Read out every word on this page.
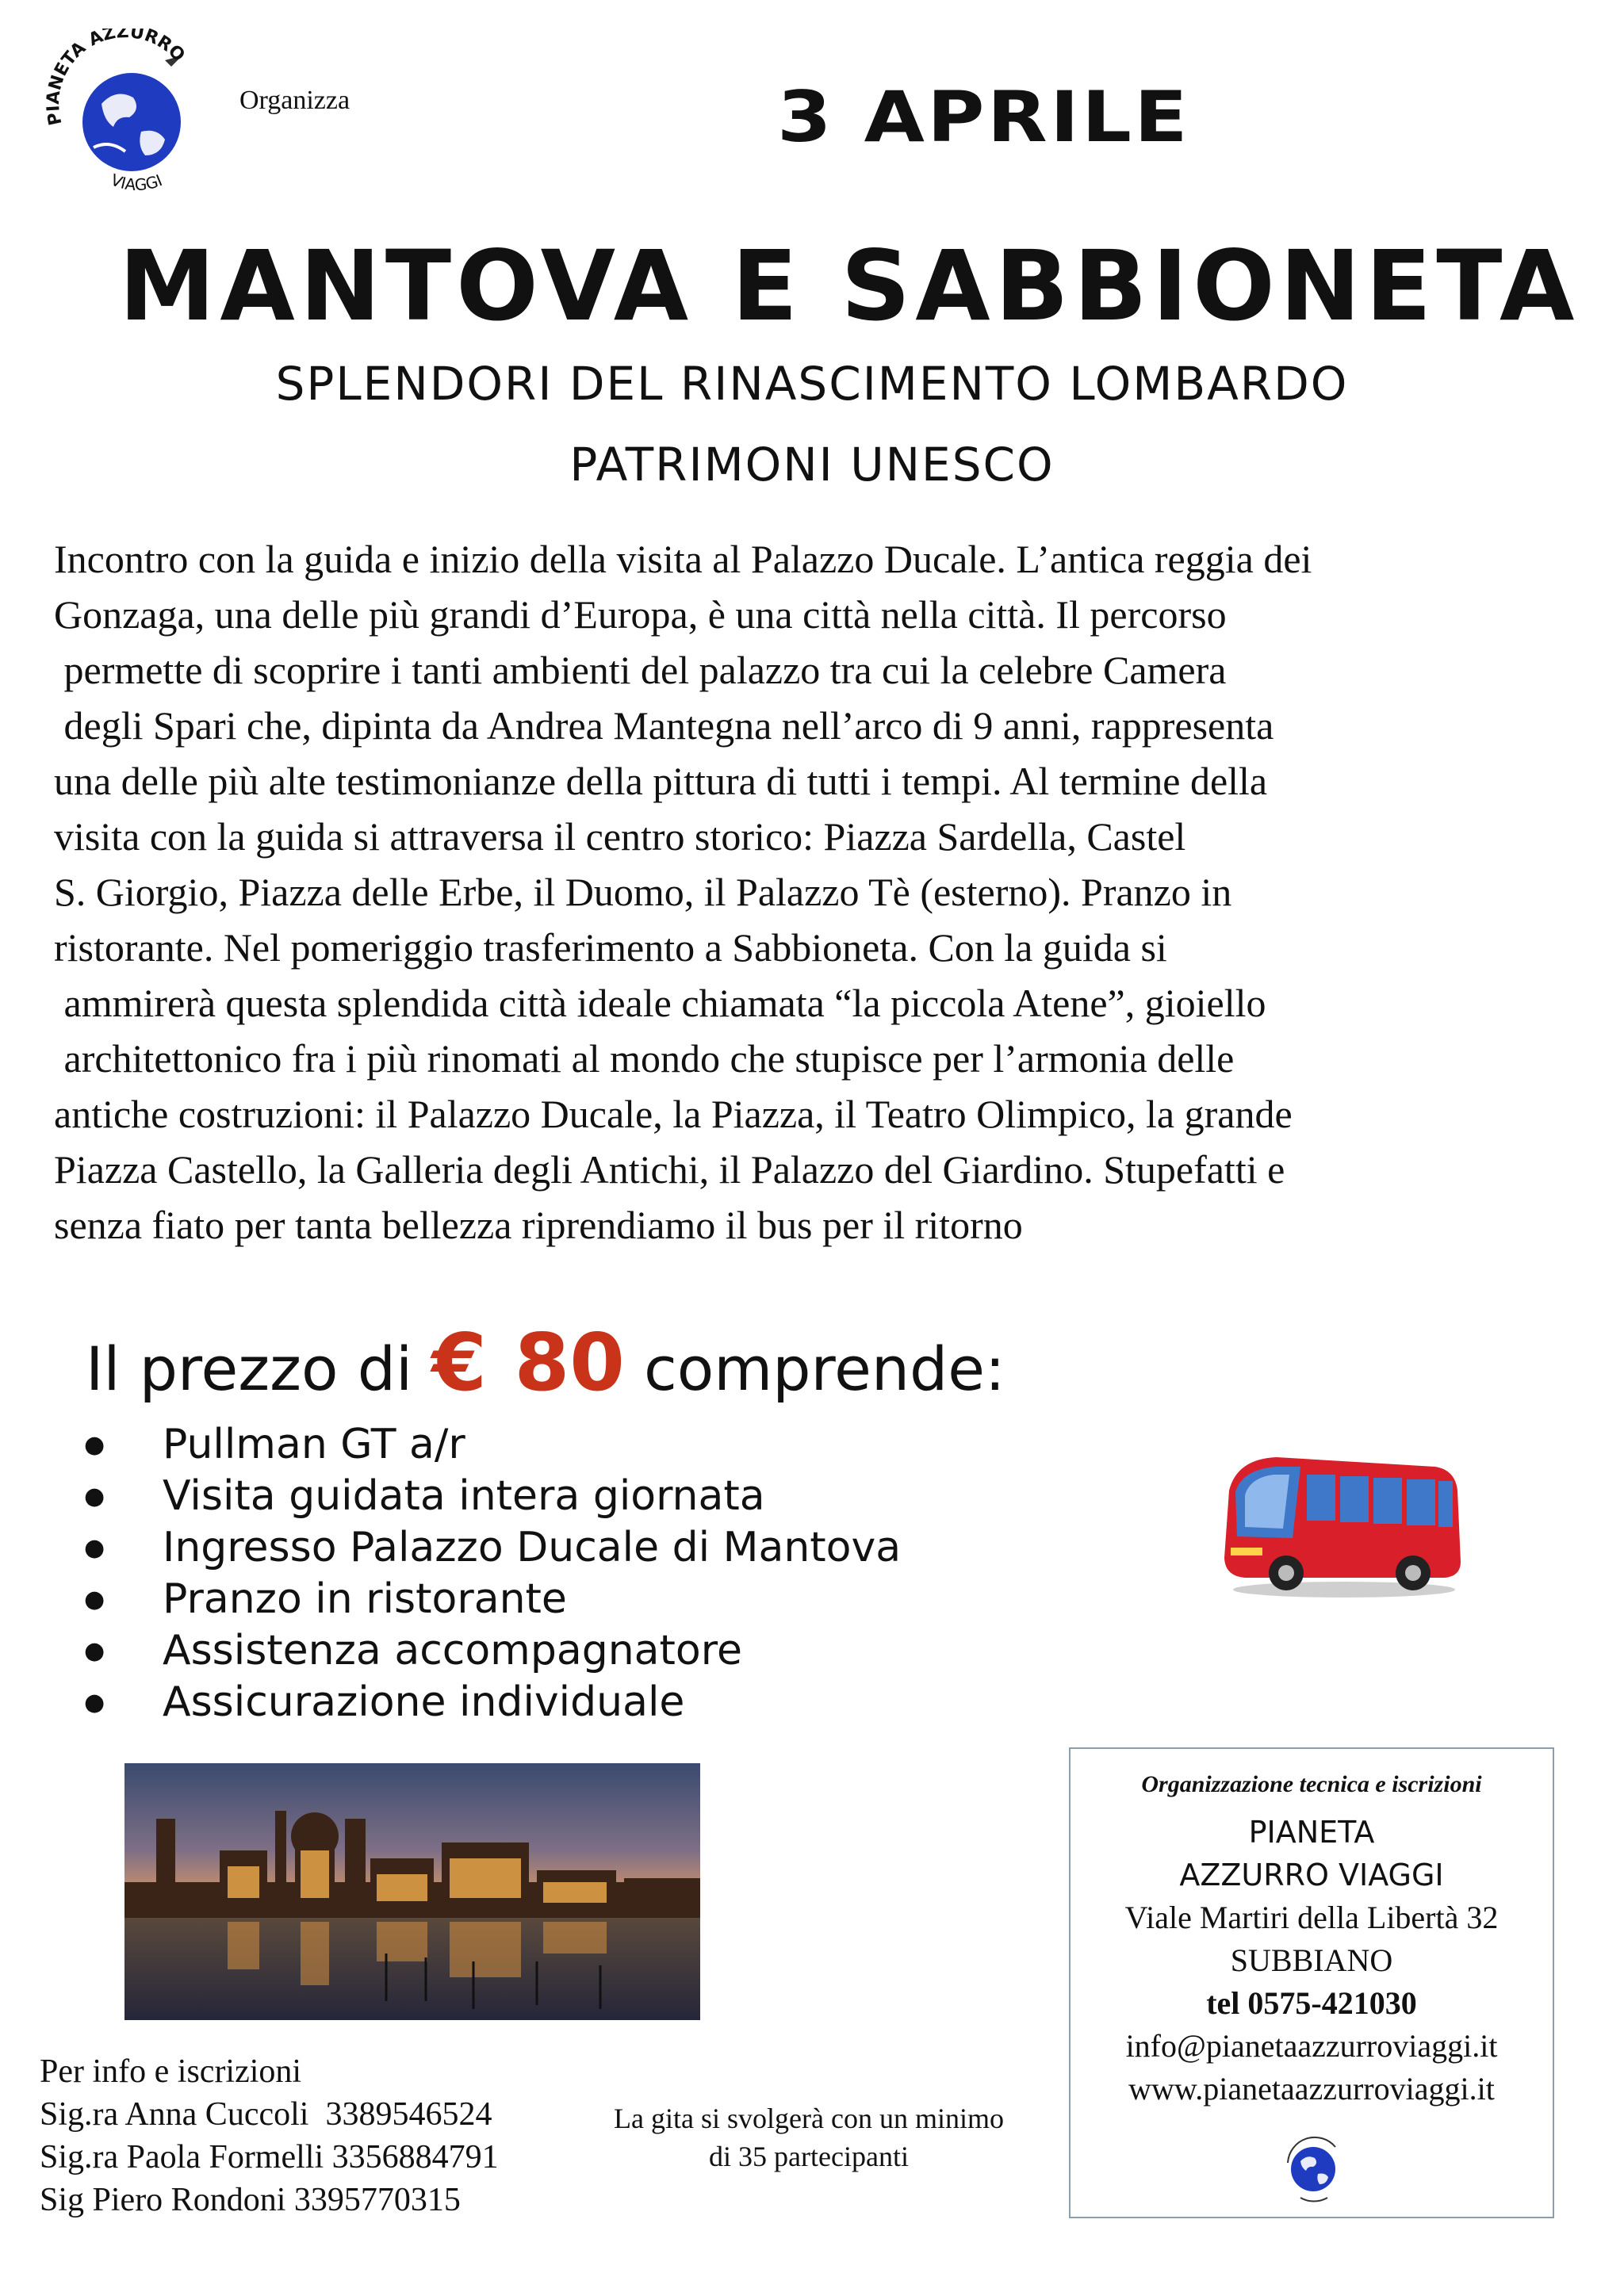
PIANETA AZZURRO
VIAGGI
Organizza	3 APRILE
MANTOVA E SABBIONETA
SPLENDORI DEL RINASCIMENTO LOMBARDO
PATRIMONI UNESCO
Incontro con la guida e inizio della visita al Palazzo Ducale. L’antica reggia dei
Gonzaga, una delle più grandi d’Europa, è una città nella città. Il percorso
permette di scoprire i tanti ambienti del palazzo tra cui la celebre Camera
degli Spari che, dipinta da Andrea Mantegna nell’arco di 9 anni, rappresenta
una delle più alte testimonianze della pittura di tutti i tempi. Al termine della
visita con la guida si attraversa il centro storico: Piazza Sardella, Castel
S. Giorgio, Piazza delle Erbe, il Duomo, il Palazzo Tè (esterno). Pranzo in
ristorante. Nel pomeriggio trasferimento a Sabbioneta. Con la guida si
ammirerà questa splendida città ideale chiamata “la piccola Atene”, gioiello
architettonico fra i più rinomati al mondo che stupisce per l’armonia delle
antiche costruzioni: il Palazzo Ducale, la Piazza, il Teatro Olimpico, la grande
Piazza Castello, la Galleria degli Antichi, il Palazzo del Giardino. Stupefatti e
senza fiato per tanta bellezza riprendiamo il bus per il ritorno
Il prezzo di € 80 comprende:
● Pullman GT a/r
● Visita guidata intera giornata
● Ingresso Palazzo Ducale di Mantova
● Pranzo in ristorante
● Assistenza accompagnatore
● Assicurazione individuale
Organizzazione tecnica e iscrizioni
PIANETA
AZZURRO VIAGGI
Viale Martiri della Libertà 32
SUBBIANO
tel 0575-421030
info@pianetaazzurroviaggi.it
www.pianetaazzurroviaggi.it
Per info e iscrizioni
Sig.ra Anna Cuccoli  3389546524
Sig.ra Paola Formelli 3356884791
Sig Piero Rondoni 3395770315
La gita si svolgerà con un minimo di 35 partecipanti
